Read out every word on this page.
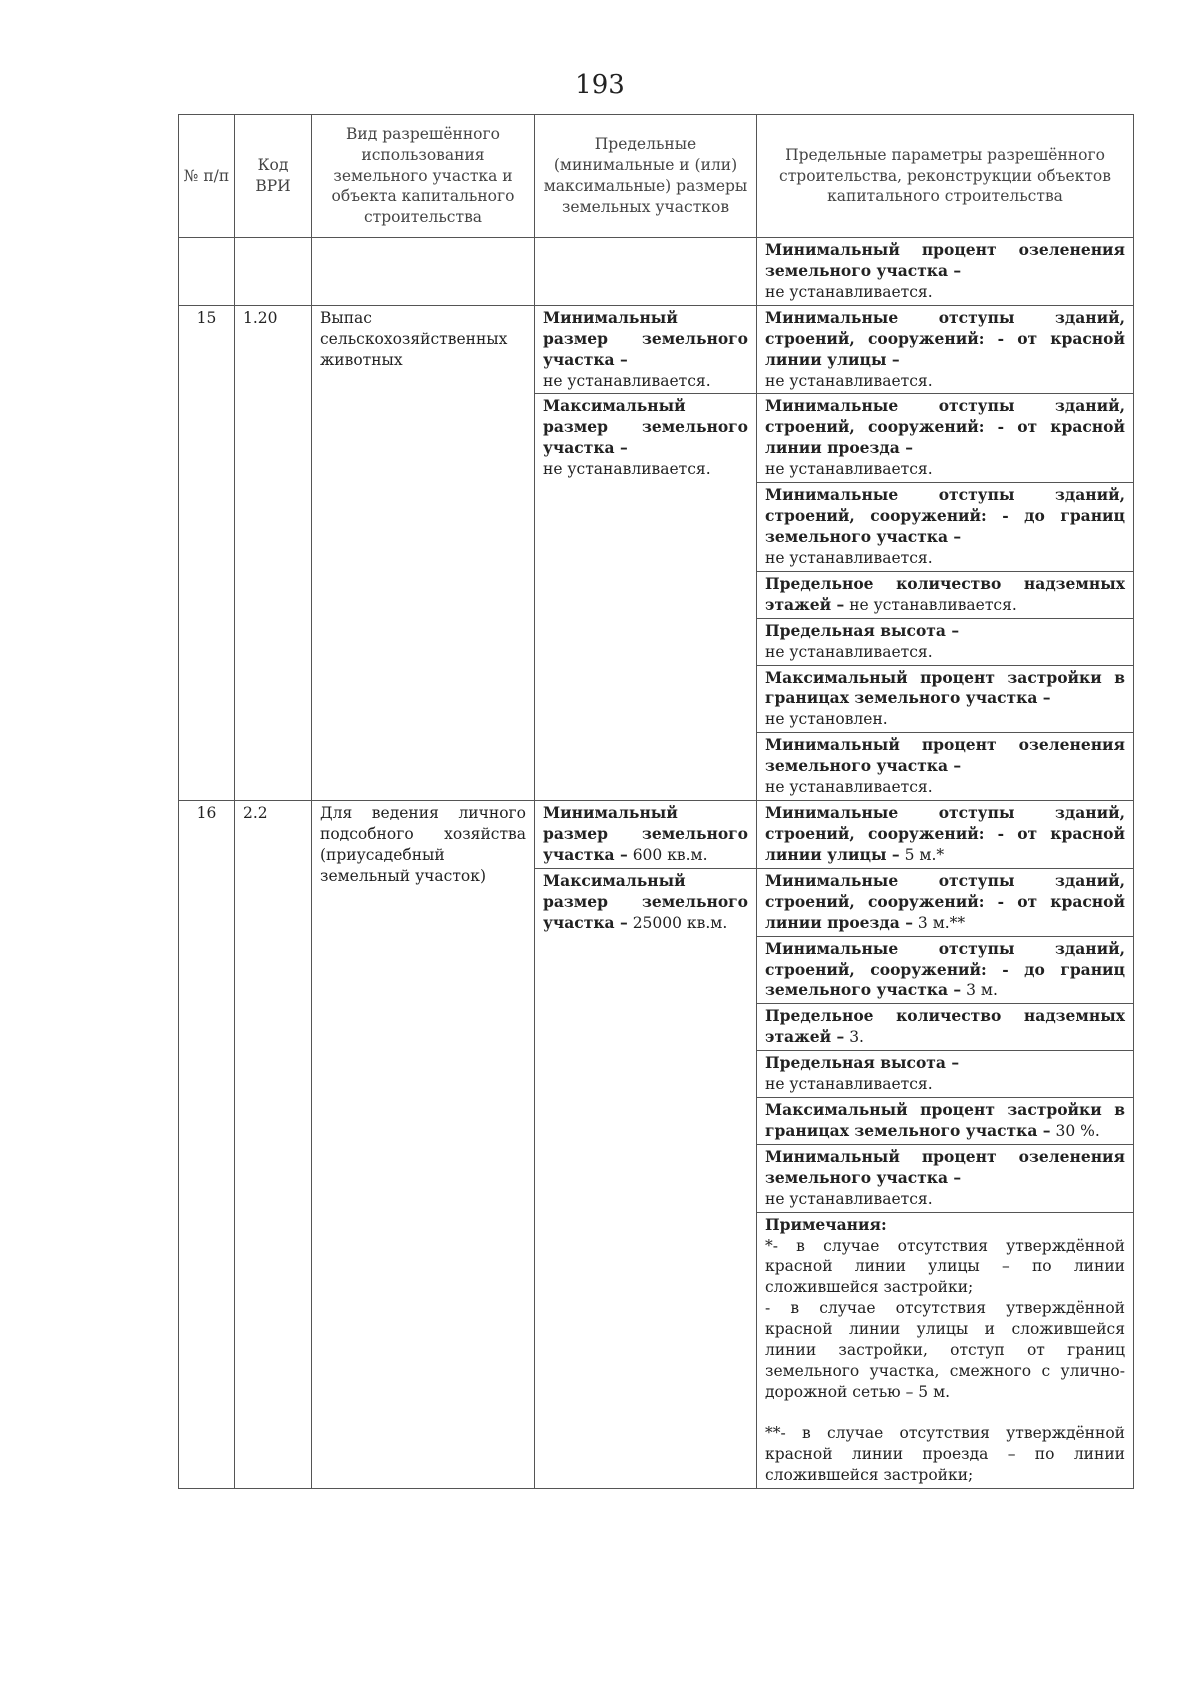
193
№ п/п	Код ВРИ	Вид разрешённого использования земельного участка и объекта капитального строительства	Предельные (минимальные и (или) максимальные) размеры земельных участков	Предельные параметры разрешённого строительства, реконструкции объектов капитального строительства
				Минимальный процент озеленения земельного участка –
не устанавливается.
15	1.20	Выпас сельскохозяйственных животных	Минимальный размер земельного участка –
не устанавливается.	Минимальные отступы зданий, строений, сооружений: - от красной линии улицы –
не устанавливается.
			Максимальный размер земельного участка –
не устанавливается.	Минимальные отступы зданий, строений, сооружений: - от красной линии проезда –
не устанавливается.
				Минимальные отступы зданий, строений, сооружений: - до границ земельного участка –
не устанавливается.
				Предельное количество надземных этажей – не устанавливается.
				Предельная высота –
не устанавливается.
				Максимальный процент застройки в границах земельного участка –
не установлен.
				Минимальный процент озеленения земельного участка –
не устанавливается.
16	2.2	Для ведения личного подсобного хозяйства (приусадебный земельный участок)	Минимальный размер земельного участка – 600 кв.м.	Минимальные отступы зданий, строений, сооружений: - от красной линии улицы – 5 м.*
			Максимальный размер земельного участка – 25000 кв.м.	Минимальные отступы зданий, строений, сооружений: - от красной линии проезда – 3 м.**
				Минимальные отступы зданий, строений, сооружений: - до границ земельного участка – 3 м.
				Предельное количество надземных этажей – 3.
				Предельная высота –
не устанавливается.
				Максимальный процент застройки в границах земельного участка – 30 %.
				Минимальный процент озеленения земельного участка –
не устанавливается.

				Примечания:
*- в случае отсутствия утверждённой красной линии улицы – по линии сложившейся застройки;
- в случае отсутствия утверждённой красной линии улицы и сложившейся линии застройки, отступ от границ земельного участка, смежного с улично-дорожной сетью – 5 м.
**- в случае отсутствия утверждённой красной линии проезда – по линии сложившейся застройки;
